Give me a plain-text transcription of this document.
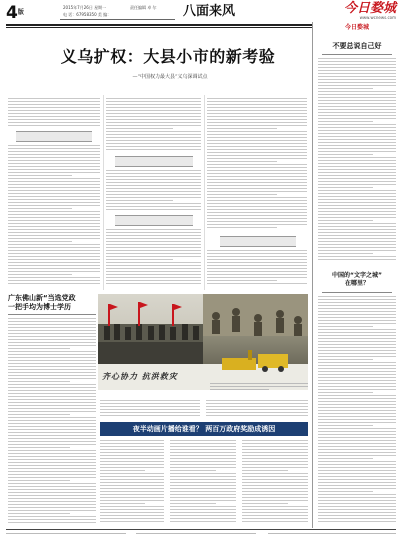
$4^版$
2015年7月26日 星期一	责任编辑 卓 尔
电 话：67958350 美 编：	八面来风	今日婺城
www.wcnews.com
义乌扩权：大县小市的新考验
—“中国权力最大县”义乌深调试点
广东佛山新“当选党政
一把手均为博士学历
齐心协力 抗洪救灾
夜半动画片播给谁看？ 两百万政府奖励成诱因
今日婺城
不要总说自己好
中国的“文字之城”
在哪里？
